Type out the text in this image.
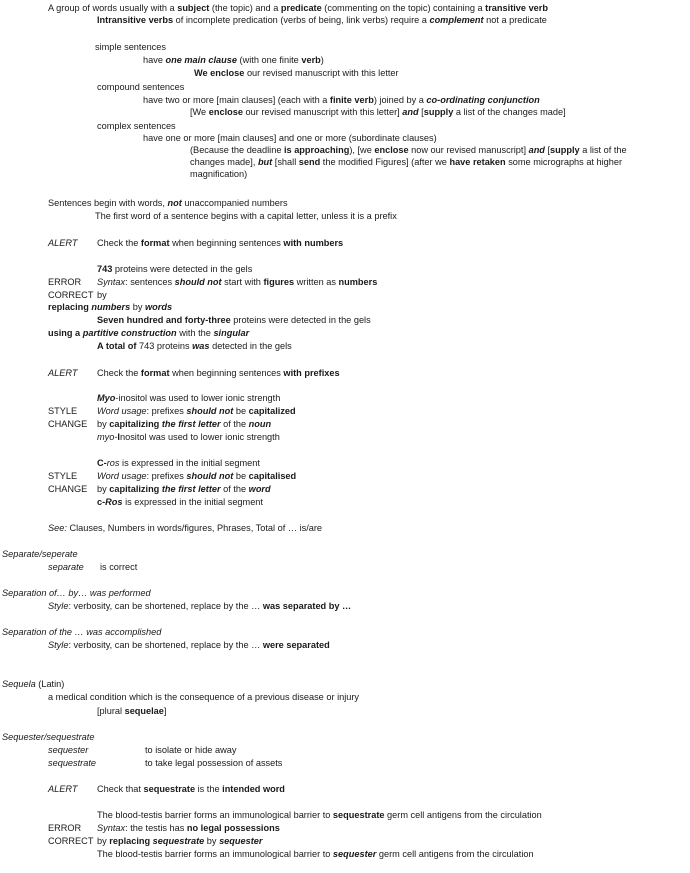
A group of words usually with a subject (the topic) and a predicate (commenting on the topic) containing a transitive verb
Intransitive verbs of incomplete predication (verbs of being, link verbs) require a complement not a predicate
simple sentences
have one main clause (with one finite verb)
We enclose our revised manuscript with this letter
compound sentences
have two or more [main clauses] (each with a finite verb) joined by a co-ordinating conjunction
[We enclose our revised manuscript with this letter] and [supply a list of the changes made]
complex sentences
have one or more [main clauses] and one or more (subordinate clauses)
(Because the deadline is approaching), [we enclose now our revised manuscript] and [supply a list of the changes made], but [shall send the modified Figures] (after we have retaken some micrographs at higher magnification)
Sentences begin with words, not unaccompanied numbers
The first word of a sentence begins with a capital letter, unless it is a prefix
ALERT Check the format when beginning sentences with numbers
743 proteins were detected in the gels
ERROR Syntax: sentences should not start with figures written as numbers
CORRECT by
replacing numbers by words
Seven hundred and forty-three proteins were detected in the gels
using a partitive construction with the singular
A total of 743 proteins was detected in the gels
ALERT Check the format when beginning sentences with prefixes
Myo-inositol was used to lower ionic strength
STYLE Word usage: prefixes should not be capitalized
CHANGE by capitalizing the first letter of the noun
myo-Inositol was used to lower ionic strength
C-ros is expressed in the initial segment
STYLE Word usage: prefixes should not be capitalised
CHANGE by capitalizing the first letter of the word
c-Ros is expressed in the initial segment
See: Clauses, Numbers in words/figures, Phrases, Total of … is/are
Separate/seperate
separate is correct
Separation of… by… was performed
Style: verbosity, can be shortened, replace by the … was separated by …
Separation of the … was accomplished
Style: verbosity, can be shortened, replace by the … were separated
Sequela (Latin)
a medical condition which is the consequence of a previous disease or injury
[plural sequelae]
Sequester/sequestrate
sequester	to isolate or hide away
sequestrate	to take legal possession of assets
ALERT Check that sequestrate is the intended word
The blood-testis barrier forms an immunological barrier to sequestrate germ cell antigens from the circulation
ERROR Syntax: the testis has no legal possessions
CORRECT by replacing sequestrate by sequester
The blood-testis barrier forms an immunological barrier to sequester germ cell antigens from the circulation
